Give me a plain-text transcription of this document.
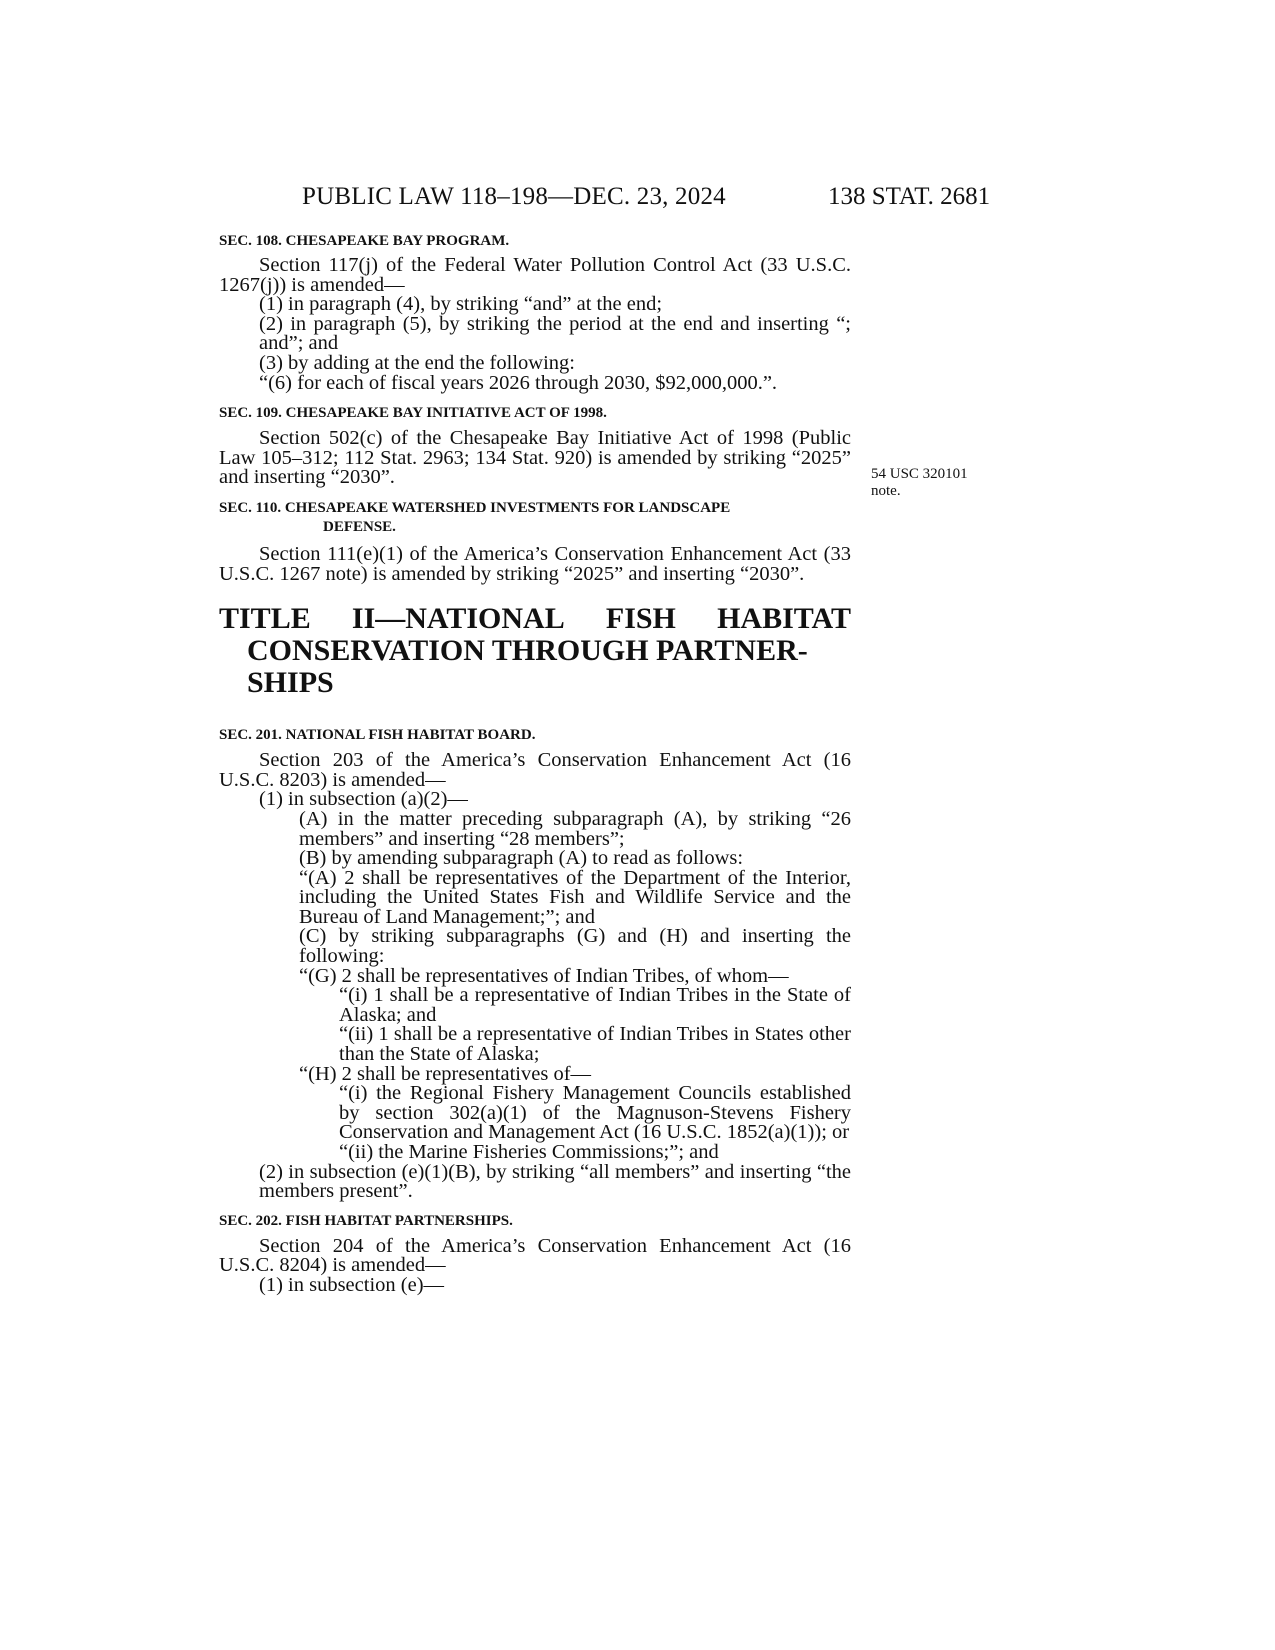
PUBLIC LAW 118–198—DEC. 23, 2024	138 STAT. 2681
54 USC 320101
note.

SEC. 108. CHESAPEAKE BAY PROGRAM.

Section 117(j) of the Federal Water Pollution Control Act (33 U.S.C. 1267(j)) is amended—

(1) in paragraph (4), by striking “and” at the end;

(2) in paragraph (5), by striking the period at the end and inserting “; and”; and

(3) by adding at the end the following:

“(6) for each of fiscal years 2026 through 2030, $92,000,000.”.

SEC. 109. CHESAPEAKE BAY INITIATIVE ACT OF 1998.

Section 502(c) of the Chesapeake Bay Initiative Act of 1998 (Public Law 105–312; 112 Stat. 2963; 134 Stat. 920) is amended by striking “2025” and inserting “2030”.

SEC. 110. CHESAPEAKE WATERSHED INVESTMENTS FOR LANDSCAPE
DEFENSE.

Section 111(e)(1) of the America’s Conservation Enhancement Act (33 U.S.C. 1267 note) is amended by striking “2025” and inserting “2030”.

TITLE II—NATIONAL FISH HABITAT
CONSERVATION THROUGH PARTNER-
SHIPS

SEC. 201. NATIONAL FISH HABITAT BOARD.

Section 203 of the America’s Conservation Enhancement Act (16 U.S.C. 8203) is amended—

(1) in subsection (a)(2)—

(A) in the matter preceding subparagraph (A), by striking “26 members” and inserting “28 members”;

(B) by amending subparagraph (A) to read as follows:

“(A) 2 shall be representatives of the Department of the Interior, including the United States Fish and Wildlife Service and the Bureau of Land Management;”; and

(C) by striking subparagraphs (G) and (H) and inserting the following:

“(G) 2 shall be representatives of Indian Tribes, of whom—

“(i) 1 shall be a representative of Indian Tribes in the State of Alaska; and

“(ii) 1 shall be a representative of Indian Tribes in States other than the State of Alaska;

“(H) 2 shall be representatives of—

“(i) the Regional Fishery Management Councils established by section 302(a)(1) of the Magnuson-Stevens Fishery Conservation and Management Act (16 U.S.C. 1852(a)(1)); or

“(ii) the Marine Fisheries Commissions;”; and

(2) in subsection (e)(1)(B), by striking “all members” and inserting “the members present”.

SEC. 202. FISH HABITAT PARTNERSHIPS.

Section 204 of the America’s Conservation Enhancement Act (16 U.S.C. 8204) is amended—

(1) in subsection (e)—
